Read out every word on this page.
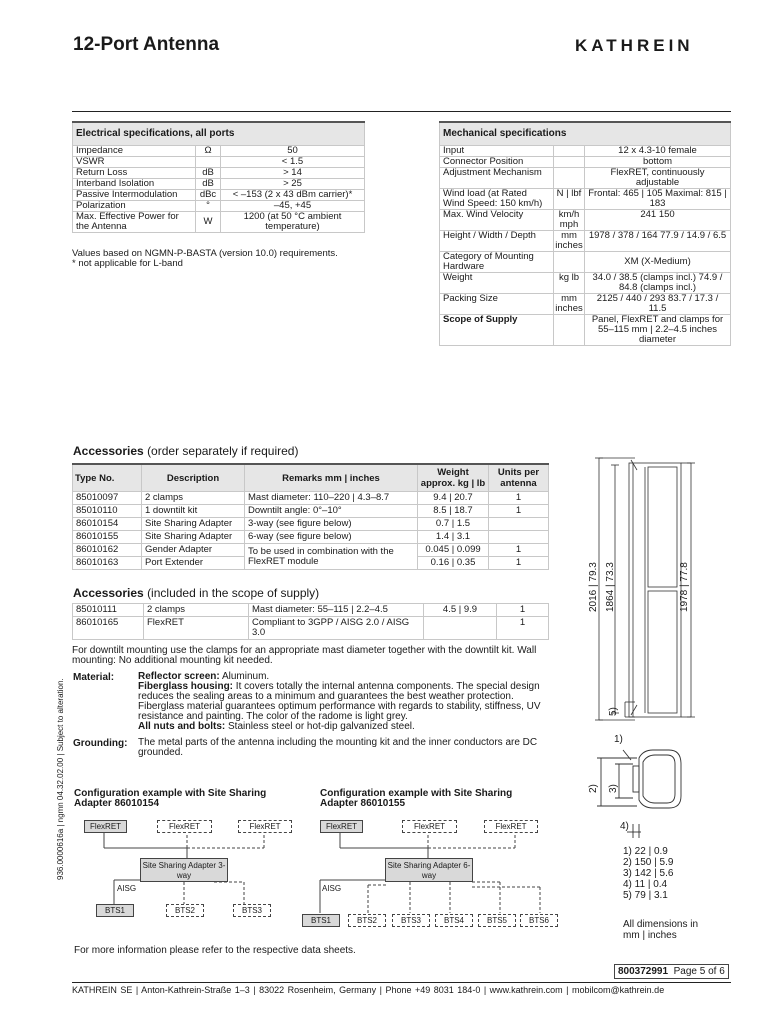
12-Port Antenna	KATHREIN
Electrical specifications, all ports		
Impedance	Ω	50
VSWR		< 1.5
Return Loss	dB	> 14
Interband Isolation	dB	> 25
Passive Intermodulation	dBc	< –153 (2 x 43 dBm carrier)*
Polarization	°	–45, +45
Max. Effective Power for the Antenna	W	1200 (at 50 °C ambient temperature)
Values based on NGMN-P-BASTA (version 10.0) requirements.
* not applicable for L-band
Mechanical specifications		
Input		12 x 4.3-10 female
Connector Position		bottom
Adjustment Mechanism		FlexRET, continuously adjustable
Wind load (at Rated Wind Speed: 150 km/h)	N | lbf	Frontal: 465 | 105 Maximal: 815 | 183
Max. Wind Velocity	km/h mph	241 150
Height / Width / Depth	mm inches	1978 / 378 / 164 77.9 / 14.9 / 6.5
Category of Mounting Hardware		XM (X-Medium)
Weight	kg lb	34.0 / 38.5 (clamps incl.) 74.9 / 84.8 (clamps incl.)
Packing Size	mm inches	2125 / 440 / 293 83.7 / 17.3 / 11.5
Scope of Supply		Panel, FlexRET and clamps for 55–115 mm | 2.2–4.5 inches diameter
Accessories (order separately if required)
Type No.	Description	Remarks mm | inches	Weight approx. kg | lb	Units per antenna
85010097	2 clamps	Mast diameter: 110–220 | 4.3–8.7	9.4 | 20.7	1
85010110	1 downtilt kit	Downtilt angle: 0°–10°	8.5 | 18.7	1
86010154	Site Sharing Adapter	3-way (see figure below)	0.7 | 1.5	
86010155	Site Sharing Adapter	6-way (see figure below)	1.4 | 3.1	
86010162	Gender Adapter	To be used in combination with the FlexRET module	0.045 | 0.099	1
86010163	Port Extender		0.16 | 0.35	1
Accessories (included in the scope of supply)
85010111	2 clamps	Mast diameter: 55–115 | 2.2–4.5	4.5 | 9.9	1
86010165	FlexRET	Compliant to 3GPP / AISG 2.0 / AISG 3.0		1
For downtilt mounting use the clamps for an appropriate mast diameter together with the downtilt kit. Wall mounting: No additional mounting kit needed.
Material: Reflector screen: Aluminum.
Fiberglass housing: It covers totally the internal antenna components. The special design reduces the sealing areas to a minimum and guarantees the best weather protection. Fiberglass material guarantees optimum performance with regards to stability, stiffness, UV resistance and painting. The color of the radome is light grey.
All nuts and bolts: Stainless steel or hot-dip galvanized steel.
Grounding: The metal parts of the antenna including the mounting kit and the inner conductors are DC grounded.
Configuration example with Site Sharing Adapter 86010154
FlexRET	FlexRET	FlexRET
Site Sharing Adapter 3-way
AISG
BTS1	BTS2	BTS3
Configuration example with Site Sharing Adapter 86010155
FlexRET	FlexRET	FlexRET
Site Sharing Adapter 6-way
AISG
BTS1	BTS2	BTS3	BTS4	BTS5	BTS6
For more information please refer to the respective data sheets.
2016 | 79.3 1864 | 73.3	1978 | 77.8
5)
1)
2) 3)
4)
1) 22 | 0.9
2) 150 | 5.9
3) 142 | 5.6
4) 11 | 0.4
5) 79 | 3.1
All dimensions in mm | inches
800372991 Page 5 of 6
KATHREIN SE | Anton-Kathrein-Straße 1–3 | 83022 Rosenheim, Germany | Phone +49 8031 184-0 | www.kathrein.com | mobilcom@kathrein.de
936.0000616a | ngmn 04.32.02.00 | Subject to alteration.
